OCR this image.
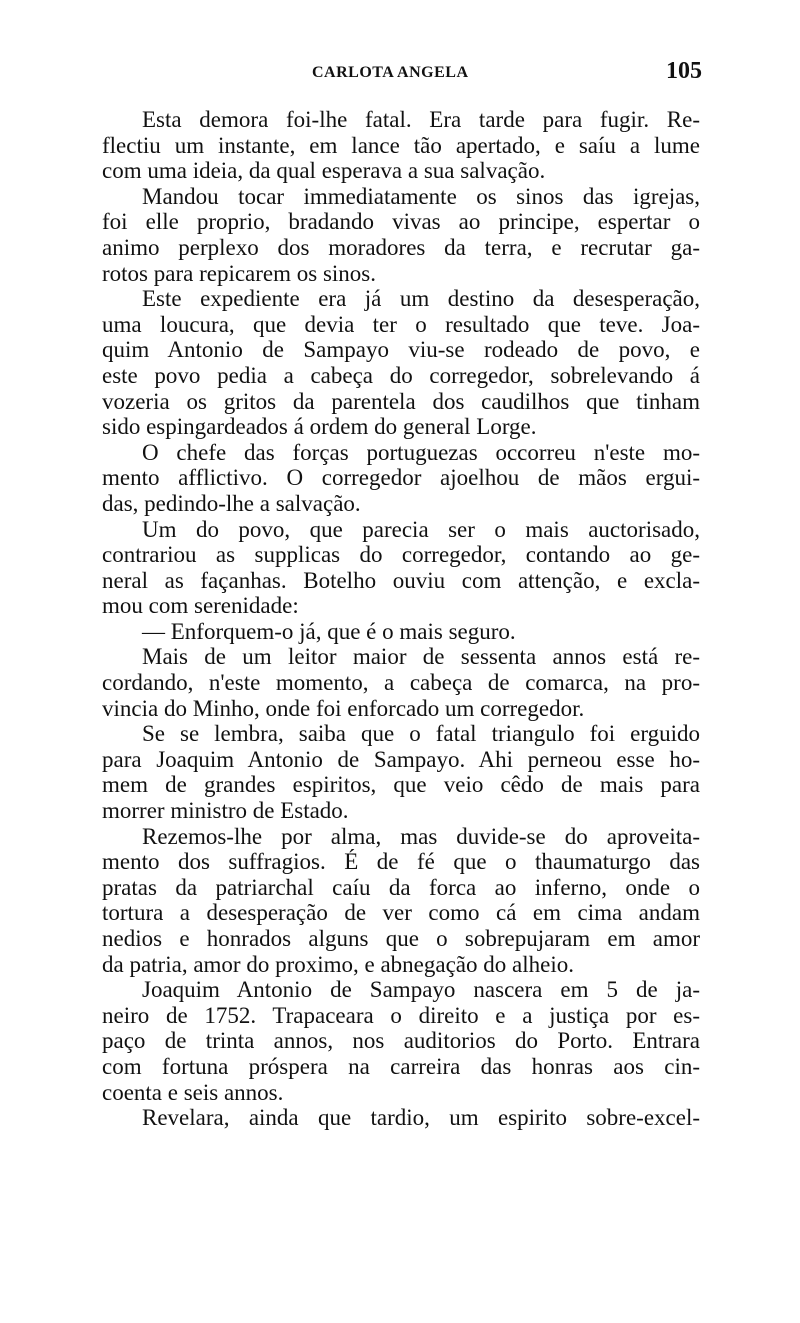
CARLOTA ANGELA	105
Esta demora foi-lhe fatal. Era tarde para fugir. Re-
flectiu um instante, em lance tão apertado, e saíu a lume
com uma ideia, da qual esperava a sua salvação.
Mandou tocar immediatamente os sinos das igrejas,
foi elle proprio, bradando vivas ao principe, espertar o
animo perplexo dos moradores da terra, e recrutar ga-
rotos para repicarem os sinos.
Este expediente era já um destino da desesperação,
uma loucura, que devia ter o resultado que teve. Joa-
quim Antonio de Sampayo viu-se rodeado de povo, e
este povo pedia a cabeça do corregedor, sobrelevando á
vozeria os gritos da parentela dos caudilhos que tinham
sido espingardeados á ordem do general Lorge.
O chefe das forças portuguezas occorreu n'este mo-
mento afflictivo. O corregedor ajoelhou de mãos ergui-
das, pedindo-lhe a salvação.
Um do povo, que parecia ser o mais auctorisado,
contrariou as supplicas do corregedor, contando ao ge-
neral as façanhas. Botelho ouviu com attenção, e excla-
mou com serenidade:
— Enforquem-o já, que é o mais seguro.
Mais de um leitor maior de sessenta annos está re-
cordando, n'este momento, a cabeça de comarca, na pro-
vincia do Minho, onde foi enforcado um corregedor.
Se se lembra, saiba que o fatal triangulo foi erguido
para Joaquim Antonio de Sampayo. Ahi perneou esse ho-
mem de grandes espiritos, que veio cêdo de mais para
morrer ministro de Estado.
Rezemos-lhe por alma, mas duvide-se do aproveita-
mento dos suffragios. É de fé que o thaumaturgo das
pratas da patriarchal caíu da forca ao inferno, onde o
tortura a desesperação de ver como cá em cima andam
nedios e honrados alguns que o sobrepujaram em amor
da patria, amor do proximo, e abnegação do alheio.
Joaquim Antonio de Sampayo nascera em 5 de ja-
neiro de 1752. Trapaceara o direito e a justiça por es-
paço de trinta annos, nos auditorios do Porto. Entrara
com fortuna próspera na carreira das honras aos cin-
coenta e seis annos.
Revelara, ainda que tardio, um espirito sobre-excel-
